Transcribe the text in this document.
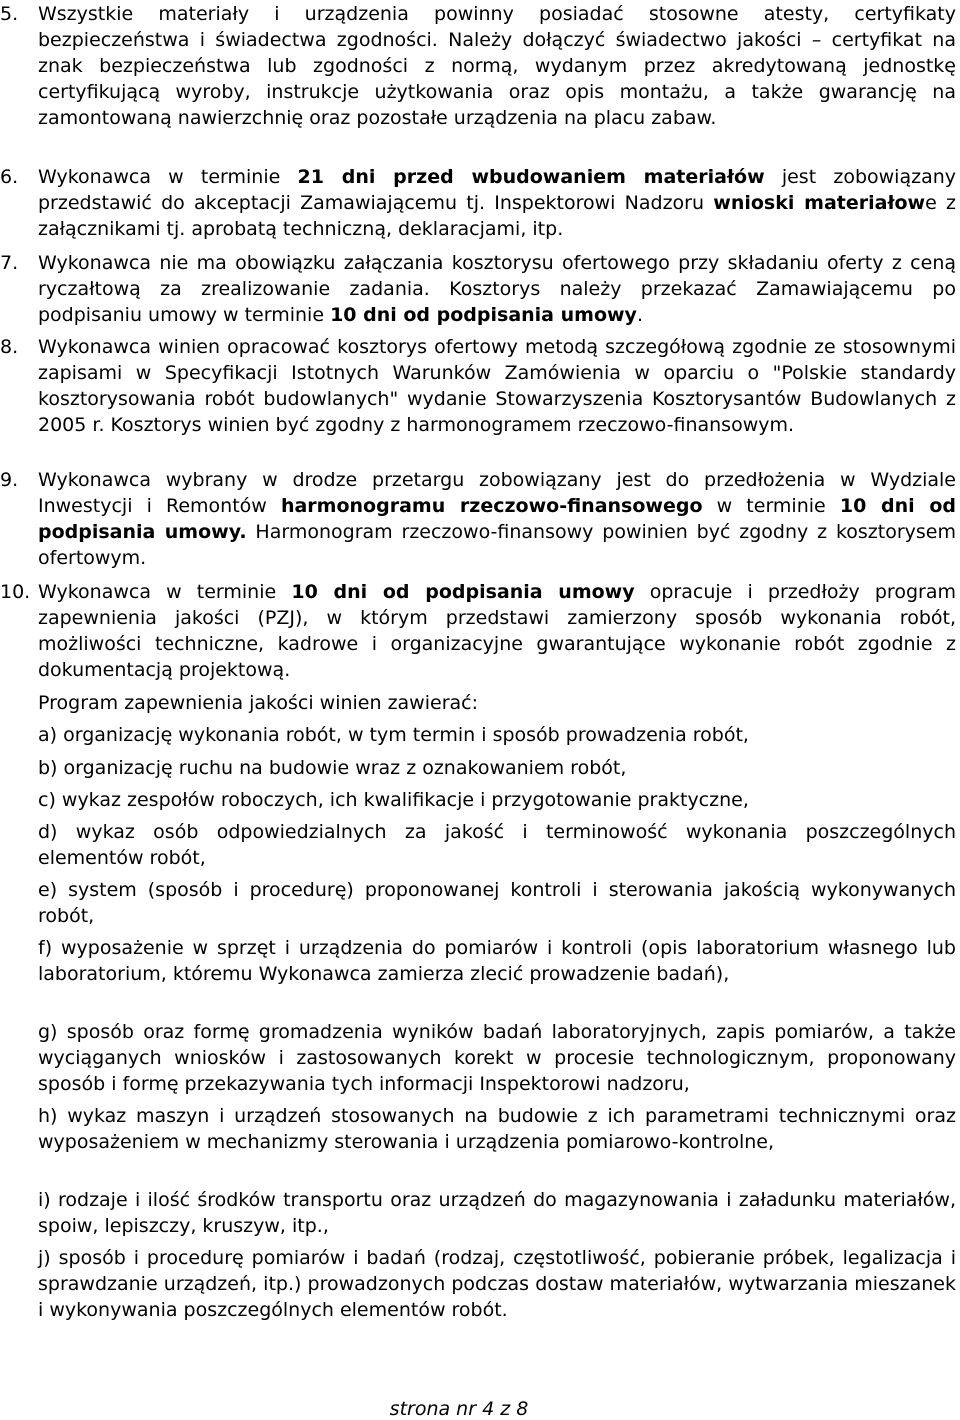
5. Wszystkie materiały i urządzenia powinny posiadać stosowne atesty, certyfikaty bezpieczeństwa i świadectwa zgodności. Należy dołączyć świadectwo jakości – certyfikat na znak bezpieczeństwa lub zgodności z normą, wydanym przez akredytowaną jednostkę certyfikującą wyroby, instrukcje użytkowania oraz opis montażu, a także gwarancję na zamontowaną nawierzchnię oraz pozostałe urządzenia na placu zabaw.
6. Wykonawca w terminie 21 dni przed wbudowaniem materiałów jest zobowiązany przedstawić do akceptacji Zamawiającemu tj. Inspektorowi Nadzoru wnioski materiałowe z załącznikami tj. aprobatą techniczną, deklaracjami, itp.
7. Wykonawca nie ma obowiązku załączania kosztorysu ofertowego przy składaniu oferty z ceną ryczałtową za zrealizowanie zadania. Kosztorys należy przekazać Zamawiającemu po podpisaniu umowy w terminie 10 dni od podpisania umowy.
8. Wykonawca winien opracować kosztorys ofertowy metodą szczegółową zgodnie ze stosownymi zapisami w Specyfikacji Istotnych Warunków Zamówienia w oparciu o "Polskie standardy kosztorysowania robót budowlanych" wydanie Stowarzyszenia Kosztorysantów Budowlanych z 2005 r. Kosztorys winien być zgodny z harmonogramem rzeczowo-finansowym.
9. Wykonawca wybrany w drodze przetargu zobowiązany jest do przedłożenia w Wydziale Inwestycji i Remontów harmonogramu rzeczowo-finansowego w terminie 10 dni od podpisania umowy. Harmonogram rzeczowo-finansowy powinien być zgodny z kosztorysem ofertowym.
10. Wykonawca w terminie 10 dni od podpisania umowy opracuje i przedłoży program zapewnienia jakości (PZJ), w którym przedstawi zamierzony sposób wykonania robót, możliwości techniczne, kadrowe i organizacyjne gwarantujące wykonanie robót zgodnie z dokumentacją projektową.
Program zapewnienia jakości winien zawierać:
a) organizację wykonania robót, w tym termin i sposób prowadzenia robót,
b) organizację ruchu na budowie wraz z oznakowaniem robót,
c) wykaz zespołów roboczych, ich kwalifikacje i przygotowanie praktyczne,
d) wykaz osób odpowiedzialnych za jakość i terminowość wykonania poszczególnych elementów robót,
e) system (sposób i procedurę) proponowanej kontroli i sterowania jakością wykonywanych robót,
f) wyposażenie w sprzęt i urządzenia do pomiarów i kontroli (opis laboratorium własnego lub laboratorium, któremu Wykonawca zamierza zlecić prowadzenie badań),
g) sposób oraz formę gromadzenia wyników badań laboratoryjnych, zapis pomiarów, a także wyciąganych wniosków i zastosowanych korekt w procesie technologicznym, proponowany sposób i formę przekazywania tych informacji Inspektorowi nadzoru,
h) wykaz maszyn i urządzeń stosowanych na budowie z ich parametrami technicznymi oraz wyposażeniem w mechanizmy sterowania i urządzenia pomiarowo-kontrolne,
i) rodzaje i ilość środków transportu oraz urządzeń do magazynowania i załadunku materiałów, spoiw, lepiszczy, kruszyw, itp.,
j) sposób i procedurę pomiarów i badań (rodzaj, częstotliwość, pobieranie próbek, legalizacja i sprawdzanie urządzeń, itp.) prowadzonych podczas dostaw materiałów, wytwarzania mieszanek i wykonywania poszczególnych elementów robót.
strona nr 4 z 8
